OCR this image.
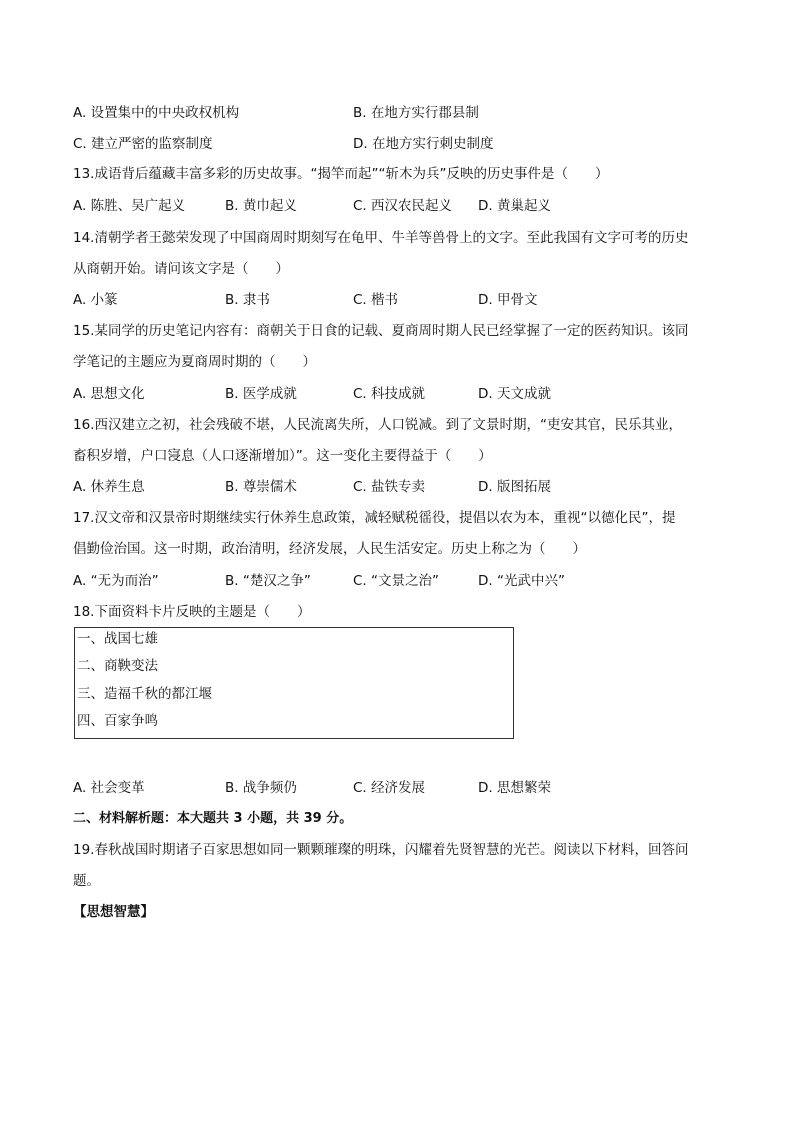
A. 设置集中的中央政权机构	B. 在地方实行郡县制
C. 建立严密的监察制度	D. 在地方实行刺史制度
13.成语背后蕴藏丰富多彩的历史故事。“揭竿而起”“斩木为兵”反映的历史事件是（　　）
A. 陈胜、吴广起义	B. 黄巾起义	C. 西汉农民起义 D. 黄巢起义
14.清朝学者王懿荣发现了中国商周时期刻写在龟甲、牛羊等兽骨上的文字。至此我国有文字可考的历史
从商朝开始。请问该文字是（　　）
A. 小篆	B. 隶书	C. 楷书	D. 甲骨文
15.某同学的历史笔记内容有：商朝关于日食的记载、夏商周时期人民已经掌握了一定的医药知识。该同
学笔记的主题应为夏商周时期的（　　）
A. 思想文化	B. 医学成就	C. 科技成就	D. 天文成就
16.西汉建立之初，社会残破不堪，人民流离失所，人口锐减。到了文景时期，“吏安其官，民乐其业，
畜积岁增，户口寖息（人口逐渐增加）”。这一变化主要得益于（　　）
A. 休养生息	B. 尊崇儒术	C. 盐铁专卖	D. 版图拓展
17.汉文帝和汉景帝时期继续实行休养生息政策，减轻赋税徭役，提倡以农为本，重视“以德化民”，提
倡勤俭治国。这一时期，政治清明，经济发展，人民生活安定。历史上称之为（　　）
A. “无为而治”	B. “楚汉之争”	C. “文景之治”	D. “光武中兴”
18.下面资料卡片反映的主题是（　　）
一、战国七雄
二、商鞅变法
三、造福千秋的都江堰
四、百家争鸣
A. 社会变革	B. 战争频仍	C. 经济发展	D. 思想繁荣
二、材料解析题：本大题共 3 小题，共 39 分。
19.春秋战国时期诸子百家思想如同一颗颗璀璨的明珠，闪耀着先贤智慧的光芒。阅读以下材料，回答问
题。
【思想智慧】
